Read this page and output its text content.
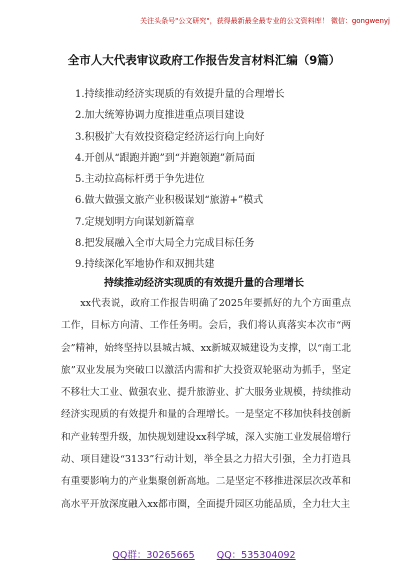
关注头条号"公文研究"，获得最新最全最专业的公文资料库！ 微信：gongwenyj
全市人大代表审议政府工作报告发言材料汇编（9篇）
1.持续推动经济实现质的有效提升量的合理增长
2.加大统筹协调力度推进重点项目建设
3.积极扩大有效投资稳定经济运行向上向好
4.开创从“跟跑并跑”到“并跑领跑”新局面
5.主动拉高标杆勇于争先进位
6.做大做强文旅产业积极谋划“旅游+”模式
7.定规划明方向谋划新篇章
8.把发展融入全市大局全力完成目标任务
9.持续深化军地协作和双拥共建
持续推动经济实现质的有效提升量的合理增长

xx代表说，政府工作报告明确了2025年要抓好的九个方面重点工作，目标方向清、工作任务明。会后，我们将认真落实本次市“两会”精神，始终坚持以县城古城、xx新城双城建设为支撑，以“南工北旅”双业发展为突破口以激活内需和扩大投资双轮驱动为抓手，坚定不移壮大工业、做强农业、提升旅游业、扩大服务业规模，持续推动经济实现质的有效提升和量的合理增长。一是坚定不移加快科技创新和产业转型升级，加快规划建设xx科学城，深入实施工业发展倍增行动、项目建设“3133”行动计划，举全县之力招大引强，全力打造具有重要影响力的产业集聚创新高地。二是坚定不移推进深层次改革和高水平开放深度融入xx都市圈，全面提升园区功能品质，全力壮大主

QQ群：30265665 QQ：535304092
